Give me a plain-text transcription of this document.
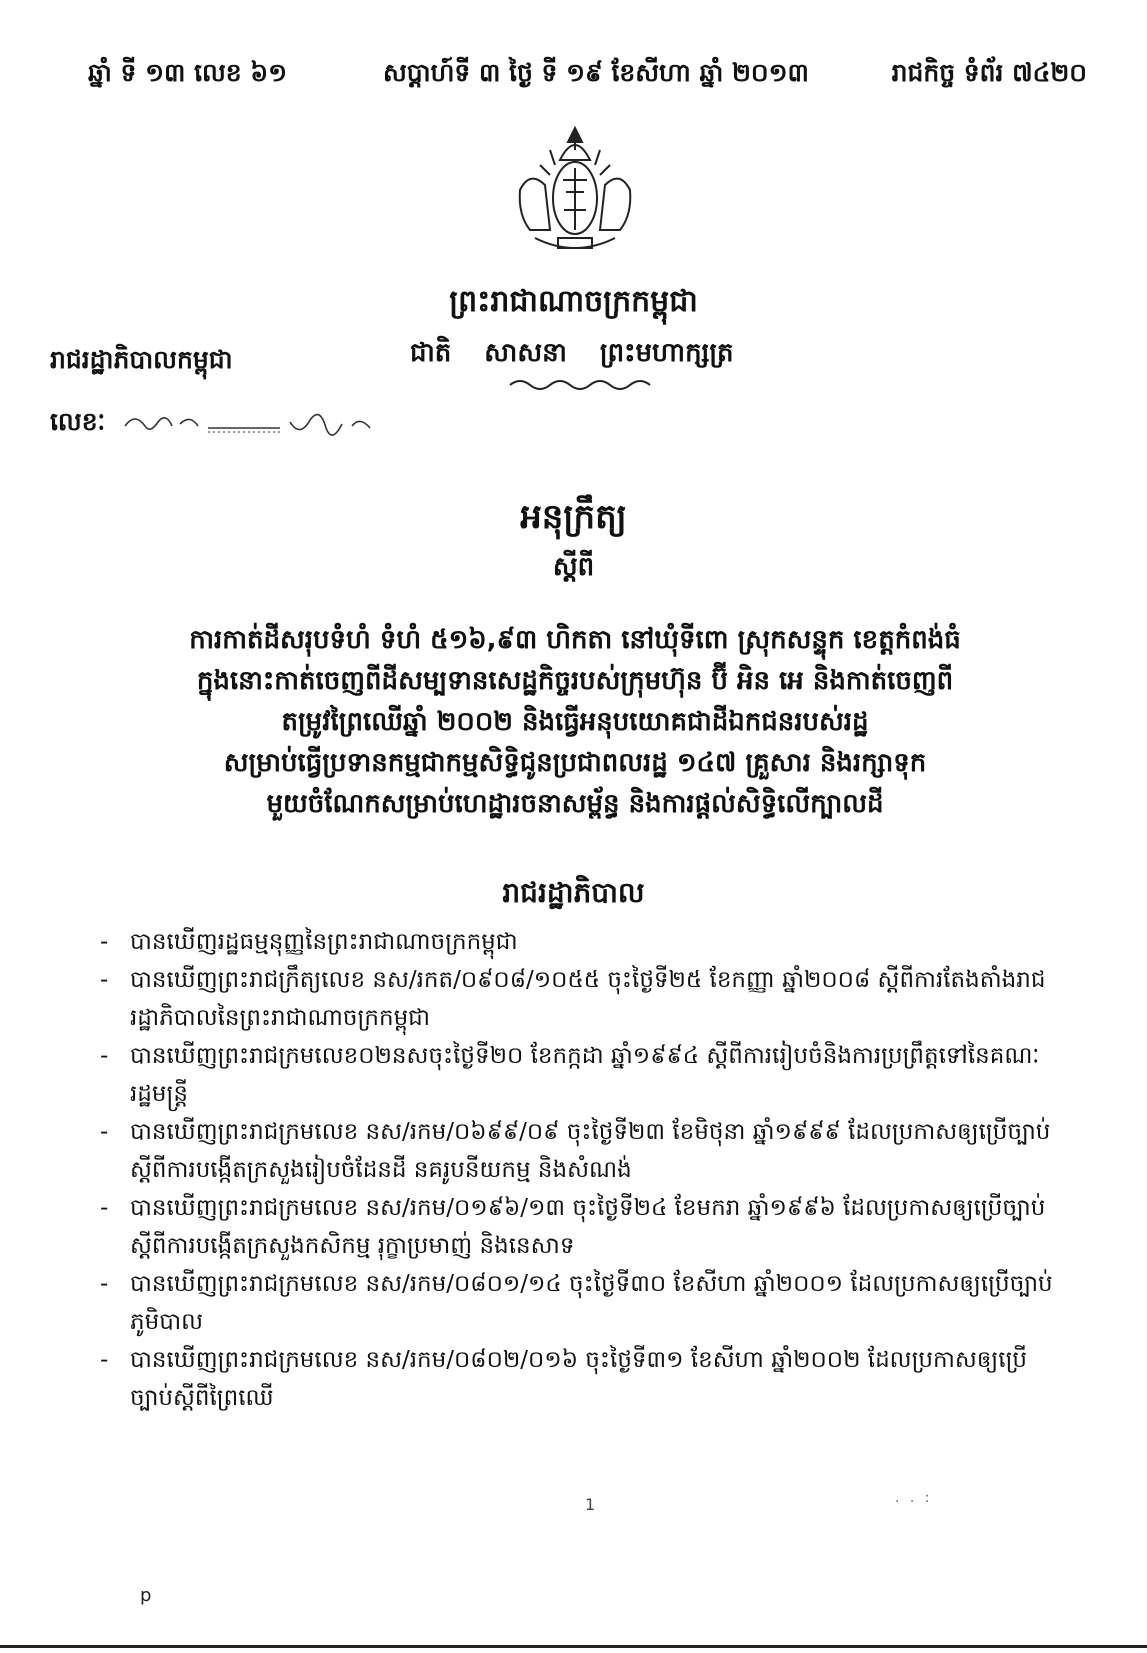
ឆ្នាំ ទី ១៣ លេខ ៦១	សប្តាហ៍ទី ៣ ថ្ងៃ ទី ១៩ ខែសីហា ឆ្នាំ ២០១៣	រាជកិច្ច ទំព័រ ៧៤២០
ព្រះរាជាណាចក្រកម្ពុជា
ជាតិ សាសនា ព្រះមហាក្សត្រ
រាជរដ្ឋាភិបាលកម្ពុជា
លេខៈ
អនុក្រឹត្យ
ស្តីពី
ការកាត់ដីសរុបទំហំ ទំហំ ៥១៦,៩៣ ហិកតា នៅឃុំទីពោ ស្រុកសន្ទុក ខេត្តកំពង់ធំ
ក្នុងនោះកាត់ចេញពីដីសម្បទានសេដ្ឋកិច្ចរបស់ក្រុមហ៊ុន ប៊ី អិន អេ និងកាត់ចេញពី
តម្រូវព្រៃឈើឆ្នាំ ២០០២ និងធ្វើអនុបយោគជាដីឯកជនរបស់រដ្ឋ
សម្រាប់ធ្វើប្រទានកម្មជាកម្មសិទ្ធិជូនប្រជាពលរដ្ឋ ១៤៧ គ្រួសារ និងរក្សាទុក
មួយចំណែកសម្រាប់ហេដ្ឋារចនាសម្ព័ន្ធ និងការផ្តល់សិទ្ធិលើក្បាលដី
រាជរដ្ឋាភិបាល
- បានឃើញរដ្ឋធម្មនុញ្ញនៃព្រះរាជាណាចក្រកម្ពុជា
- បានឃើញព្រះរាជក្រឹត្យលេខ នស/រកត/០៩០៨/១០៥៥ ចុះថ្ងៃទី២៥ ខែកញ្ញា ឆ្នាំ២០០៨ ស្តីពីការតែងតាំងរាជរដ្ឋាភិបាលនៃព្រះរាជាណាចក្រកម្ពុជា
- បានឃើញព្រះរាជក្រមលេខ០២នសចុះថ្ងៃទី២០ ខែកក្កដា ឆ្នាំ១៩៩៤ ស្តីពីការរៀបចំនិងការប្រព្រឹត្តទៅនៃគណៈរដ្ឋមន្ត្រី
- បានឃើញព្រះរាជក្រមលេខ នស/រកម/០៦៩៩/០៩ ចុះថ្ងៃទី២៣ ខែមិថុនា ឆ្នាំ១៩៩៩ ដែលប្រកាសឲ្យប្រើច្បាប់ស្តីពីការបង្កើតក្រសួងរៀបចំដែនដី នគរូបនីយកម្ម និងសំណង់
- បានឃើញព្រះរាជក្រមលេខ នស/រកម/០១៩៦/១៣ ចុះថ្ងៃទី២៤ ខែមករា ឆ្នាំ១៩៩៦ ដែលប្រកាសឲ្យប្រើច្បាប់ ស្តីពីការបង្កើតក្រសួងកសិកម្ម រុក្ខាប្រមាញ់ និងនេសាទ
- បានឃើញព្រះរាជក្រមលេខ នស/រកម/០៨០១/១៤ ចុះថ្ងៃទី៣០ ខែសីហា ឆ្នាំ២០០១ ដែលប្រកាសឲ្យប្រើច្បាប់ភូមិបាល
- បានឃើញព្រះរាជក្រមលេខ នស/រកម/០៨០២/០១៦ ចុះថ្ងៃទី៣១ ខែសីហា ឆ្នាំ២០០២ ដែលប្រកាសឲ្យប្រើច្បាប់ស្តីពីព្រៃឈើ
1	. . :
p
